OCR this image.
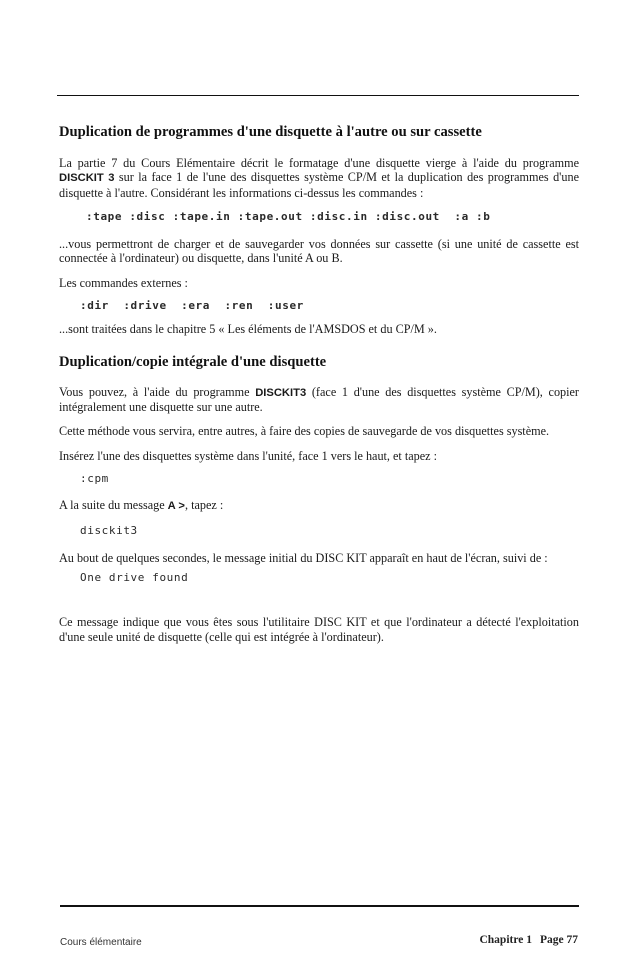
Duplication de programmes d'une disquette à l'autre ou sur cassette

La partie 7 du Cours Elémentaire décrit le formatage d'une disquette vierge à l'aide du programme DISCKIT 3 sur la face 1 de l'une des disquettes système CP/M et la duplication des programmes d'une disquette à l'autre. Considérant les informations ci-dessus les commandes :

:tape :disc :tape.in :tape.out :disc.in :disc.out  :a :b

...vous permettront de charger et de sauvegarder vos données sur cassette (si une unité de cassette est connectée à l'ordinateur) ou disquette, dans l'unité A ou B.

Les commandes externes :

:dir  :drive  :era  :ren  :user

...sont traitées dans le chapitre 5 « Les éléments de l'AMSDOS et du CP/M ».

Duplication/copie intégrale d'une disquette

Vous pouvez, à l'aide du programme DISCKIT3 (face 1 d'une des disquettes système CP/M), copier intégralement une disquette sur une autre.

Cette méthode vous servira, entre autres, à faire des copies de sauvegarde de vos disquettes système.

Insérez l'une des disquettes système dans l'unité, face 1 vers le haut, et tapez :

:cpm

A la suite du message A >, tapez :

disckit3

Au bout de quelques secondes, le message initial du DISC KIT apparaît en haut de l'écran, suivi de :

One drive found

Ce message indique que vous êtes sous l'utilitaire DISC KIT et que l'ordinateur a détecté l'exploitation d'une seule unité de disquette (celle qui est intégrée à l'ordinateur).

Cours élémentaire	Chapitre 1 Page 77
